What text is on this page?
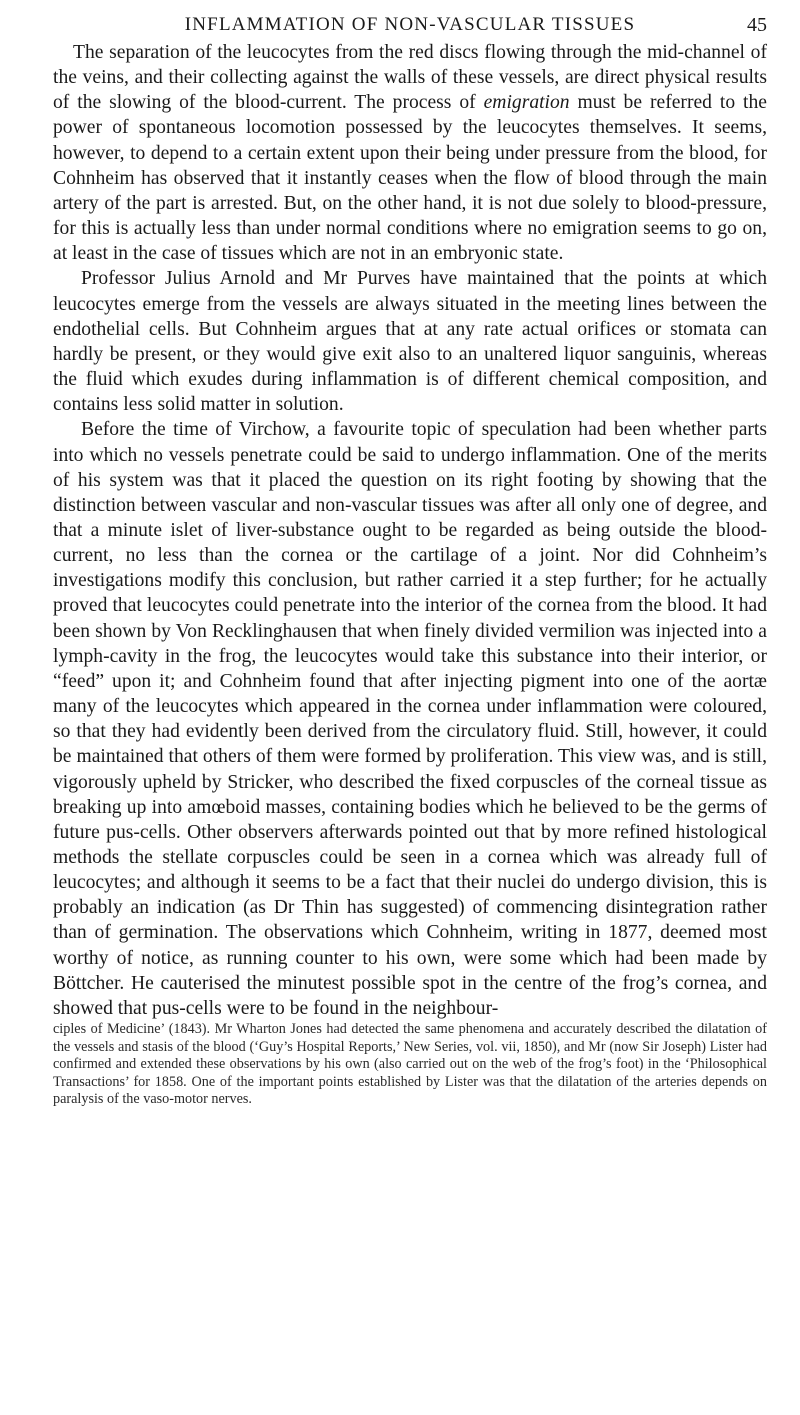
INFLAMMATION OF NON-VASCULAR TISSUES	45

The separation of the leucocytes from the red discs flowing through the mid-channel of the veins, and their collecting against the walls of these vessels, are direct physical results of the slowing of the blood-current. The process of emigration must be referred to the power of spontaneous locomotion possessed by the leucocytes themselves. It seems, however, to depend to a certain extent upon their being under pressure from the blood, for Cohnheim has observed that it instantly ceases when the flow of blood through the main artery of the part is arrested. But, on the other hand, it is not due solely to blood-pressure, for this is actually less than under normal conditions where no emigration seems to go on, at least in the case of tissues which are not in an embryonic state.

Professor Julius Arnold and Mr Purves have maintained that the points at which leucocytes emerge from the vessels are always situated in the meeting lines between the endothelial cells. But Cohnheim argues that at any rate actual orifices or stomata can hardly be present, or they would give exit also to an unaltered liquor sanguinis, whereas the fluid which exudes during inflammation is of different chemical composition, and contains less solid matter in solution.

Before the time of Virchow, a favourite topic of speculation had been whether parts into which no vessels penetrate could be said to undergo inflammation. One of the merits of his system was that it placed the question on its right footing by showing that the distinction between vascular and non-vascular tissues was after all only one of degree, and that a minute islet of liver-substance ought to be regarded as being outside the blood-current, no less than the cornea or the cartilage of a joint. Nor did Cohnheim’s investigations modify this conclusion, but rather carried it a step further; for he actually proved that leucocytes could penetrate into the interior of the cornea from the blood. It had been shown by Von Recklinghausen that when finely divided vermilion was injected into a lymph-cavity in the frog, the leucocytes would take this substance into their interior, or “feed” upon it; and Cohnheim found that after injecting pigment into one of the aortæ many of the leucocytes which appeared in the cornea under inflammation were coloured, so that they had evidently been derived from the circulatory fluid. Still, however, it could be maintained that others of them were formed by proliferation. This view was, and is still, vigorously upheld by Stricker, who described the fixed corpuscles of the corneal tissue as breaking up into amœboid masses, containing bodies which he believed to be the germs of future pus-cells. Other observers afterwards pointed out that by more refined histological methods the stellate corpuscles could be seen in a cornea which was already full of leucocytes; and although it seems to be a fact that their nuclei do undergo division, this is probably an indication (as Dr Thin has suggested) of commencing disintegration rather than of germination. The observations which Cohnheim, writing in 1877, deemed most worthy of notice, as running counter to his own, were some which had been made by Böttcher. He cauterised the minutest possible spot in the centre of the frog’s cornea, and showed that pus-cells were to be found in the neighbour-

ciples of Medicine’ (1843). Mr Wharton Jones had detected the same phenomena and accurately described the dilatation of the vessels and stasis of the blood (‘Guy’s Hospital Reports,’ New Series, vol. vii, 1850), and Mr (now Sir Joseph) Lister had confirmed and extended these observations by his own (also carried out on the web of the frog’s foot) in the ‘Philosophical Transactions’ for 1858. One of the important points established by Lister was that the dilatation of the arteries depends on paralysis of the vaso-motor nerves.
